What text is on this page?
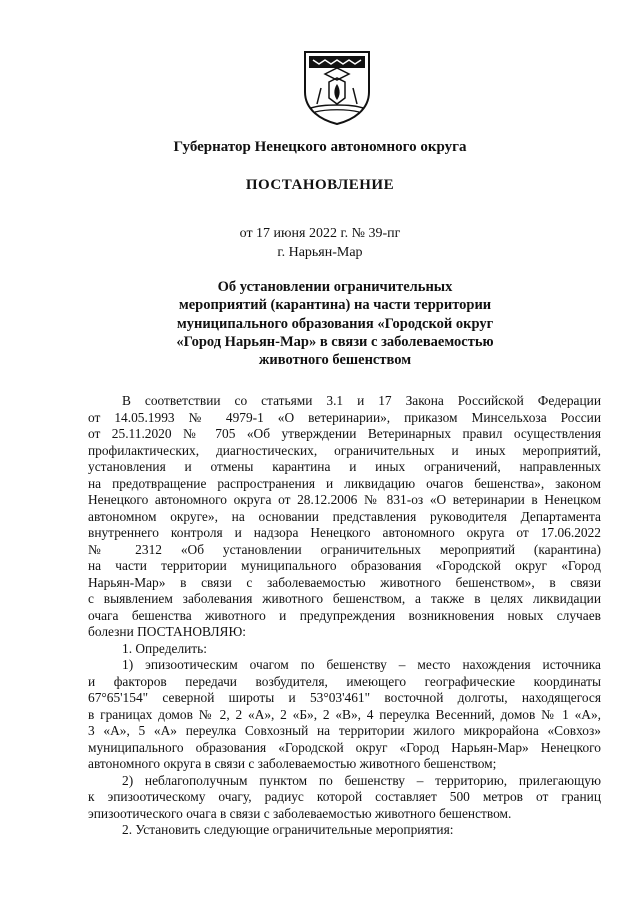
Губернатор Ненецкого автономного округа
ПОСТАНОВЛЕНИЕ
от 17 июня 2022 г. № 39-пг
г. Нарьян-Мар
Об установлении ограничительных
мероприятий (карантина) на части территории
муниципального образования «Городской округ
«Город Нарьян-Мар» в связи с заболеваемостью
животного бешенством
В соответствии со статьями 3.1 и 17 Закона Российской Федерации
от 14.05.1993 № 4979-1 «О ветеринарии», приказом Минсельхоза России
от 25.11.2020 № 705 «Об утверждении Ветеринарных правил осуществления
профилактических, диагностических, ограничительных и иных мероприятий,
установления и отмены карантина и иных ограничений, направленных
на предотвращение распространения и ликвидацию очагов бешенства», законом
Ненецкого автономного округа от 28.12.2006 № 831-оз «О ветеринарии в Ненецком
автономном округе», на основании представления руководителя Департамента
внутреннего контроля и надзора Ненецкого автономного округа от 17.06.2022
№ 2312 «Об установлении ограничительных мероприятий (карантина)
на части территории муниципального образования «Городской округ «Город
Нарьян-Мар» в связи с заболеваемостью животного бешенством», в связи
с выявлением заболевания животного бешенством, а также в целях ликвидации
очага бешенства животного и предупреждения возникновения новых случаев
болезни ПОСТАНОВЛЯЮ:
1. Определить:
1) эпизоотическим очагом по бешенству – место нахождения источника
и факторов передачи возбудителя, имеющего географические координаты
67°65'154" северной широты и 53°03'461" восточной долготы, находящегося
в границах домов № 2, 2 «А», 2 «Б», 2 «В», 4 переулка Весенний, домов № 1 «А»,
3 «А», 5 «А» переулка Совхозный на территории жилого микрорайона «Совхоз»
муниципального образования «Городской округ «Город Нарьян-Мар» Ненецкого
автономного округа в связи с заболеваемостью животного бешенством;
2) неблагополучным пунктом по бешенству – территорию, прилегающую
к эпизоотическому очагу, радиус которой составляет 500 метров от границ
эпизоотического очага в связи с заболеваемостью животного бешенством.
2. Установить следующие ограничительные мероприятия:
